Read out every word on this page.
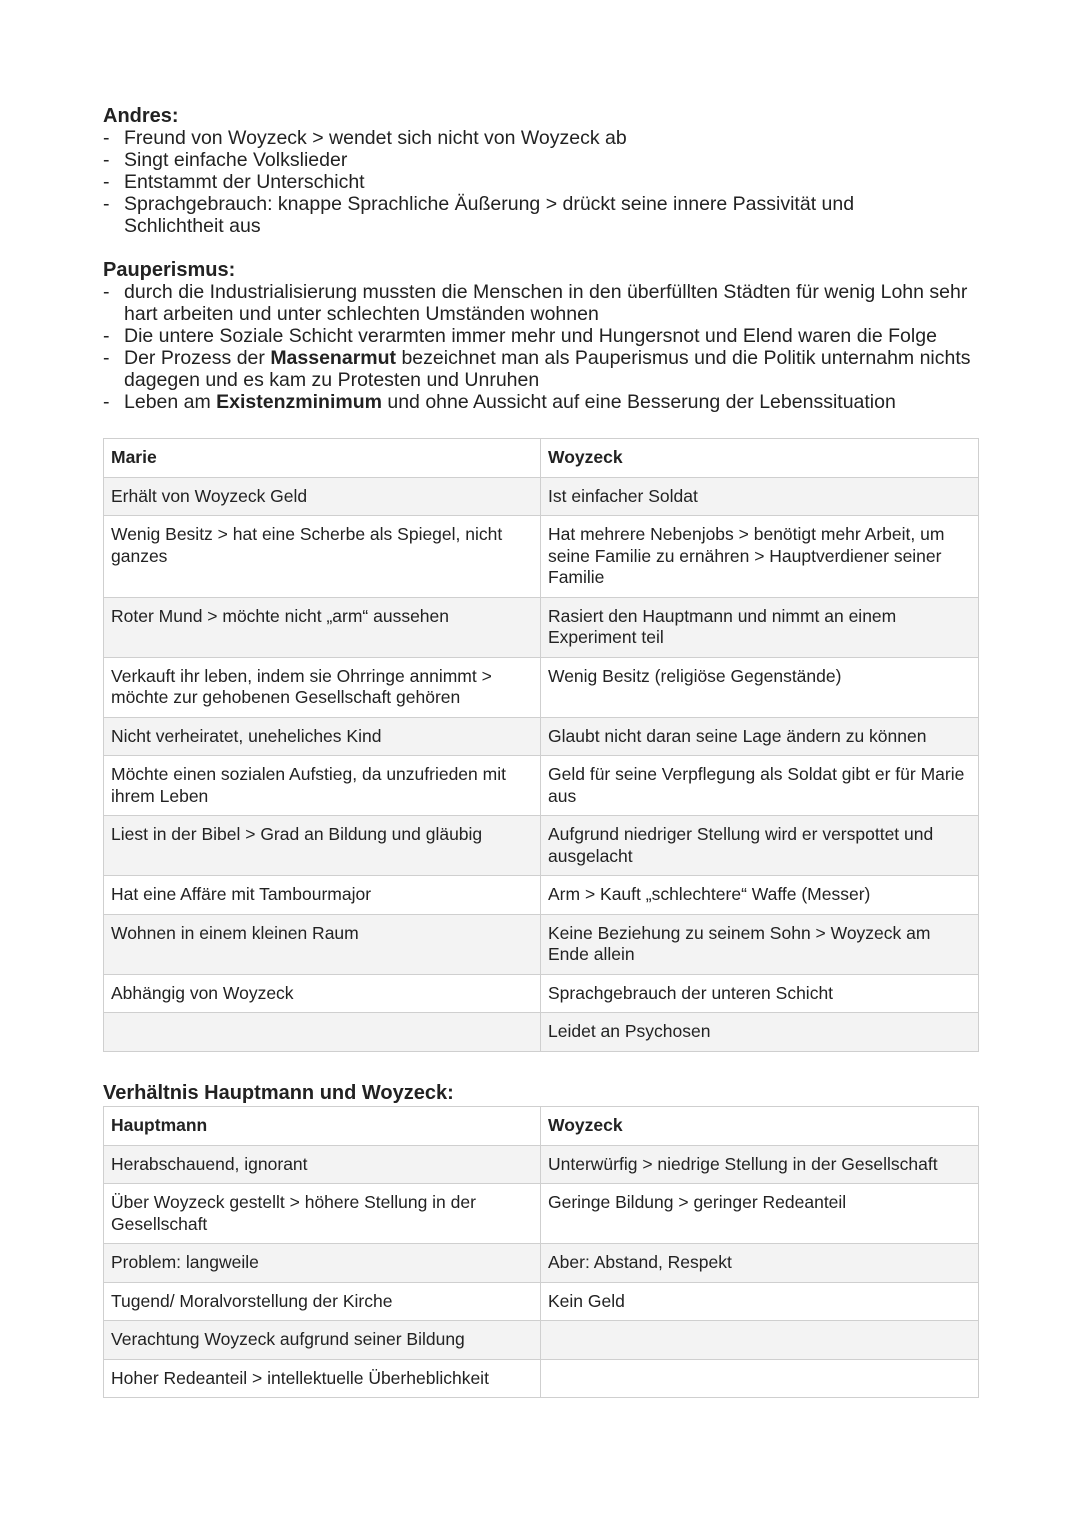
Andres:

- Freund von Woyzeck > wendet sich nicht von Woyzeck ab
- Singt einfache Volkslieder
- Entstammt der Unterschicht
- Sprachgebrauch: knappe Sprachliche Äußerung > drückt seine innere Passivität und Schlichtheit aus

Pauperismus:

- durch die Industrialisierung mussten die Menschen in den überfüllten Städten für wenig Lohn sehr hart arbeiten und unter schlechten Umständen wohnen
- Die untere Soziale Schicht verarmten immer mehr und Hungersnot und Elend waren die Folge
- Der Prozess der Massenarmut bezeichnet man als Pauperismus und die Politik unternahm nichts dagegen und es kam zu Protesten und Unruhen
- Leben am Existenzminimum und ohne Aussicht auf eine Besserung der Lebenssituation
Marie	Woyzeck
Erhält von Woyzeck Geld	Ist einfacher Soldat
Wenig Besitz > hat eine Scherbe als Spiegel, nicht ganzes	Hat mehrere Nebenjobs > benötigt mehr Arbeit, um seine Familie zu ernähren > Hauptverdiener seiner Familie
Roter Mund > möchte nicht „arm“ aussehen	Rasiert den Hauptmann und nimmt an einem Experiment teil
Verkauft ihr leben, indem sie Ohrringe annimmt > möchte zur gehobenen Gesellschaft gehören	Wenig Besitz (religiöse Gegenstände)
Nicht verheiratet, uneheliches Kind	Glaubt nicht daran seine Lage ändern zu können
Möchte einen sozialen Aufstieg, da unzufrieden mit ihrem Leben	Geld für seine Verpflegung als Soldat gibt er für Marie aus
Liest in der Bibel > Grad an Bildung und gläubig	Aufgrund niedriger Stellung wird er verspottet und ausgelacht
Hat eine Affäre mit Tambourmajor	Arm > Kauft „schlechtere“ Waffe (Messer)
Wohnen in einem kleinen Raum	Keine Beziehung zu seinem Sohn > Woyzeck am Ende allein
Abhängig von Woyzeck	Sprachgebrauch der unteren Schicht
	Leidet an Psychosen

Verhältnis Hauptmann und Woyzeck:

Hauptmann	Woyzeck
Herabschauend, ignorant	Unterwürfig > niedrige Stellung in der Gesellschaft
Über Woyzeck gestellt > höhere Stellung in der Gesellschaft	Geringe Bildung > geringer Redeanteil
Problem: langweile	Aber: Abstand, Respekt
Tugend/ Moralvorstellung der Kirche	Kein Geld
Verachtung Woyzeck aufgrund seiner Bildung	
Hoher Redeanteil > intellektuelle Überheblichkeit	
